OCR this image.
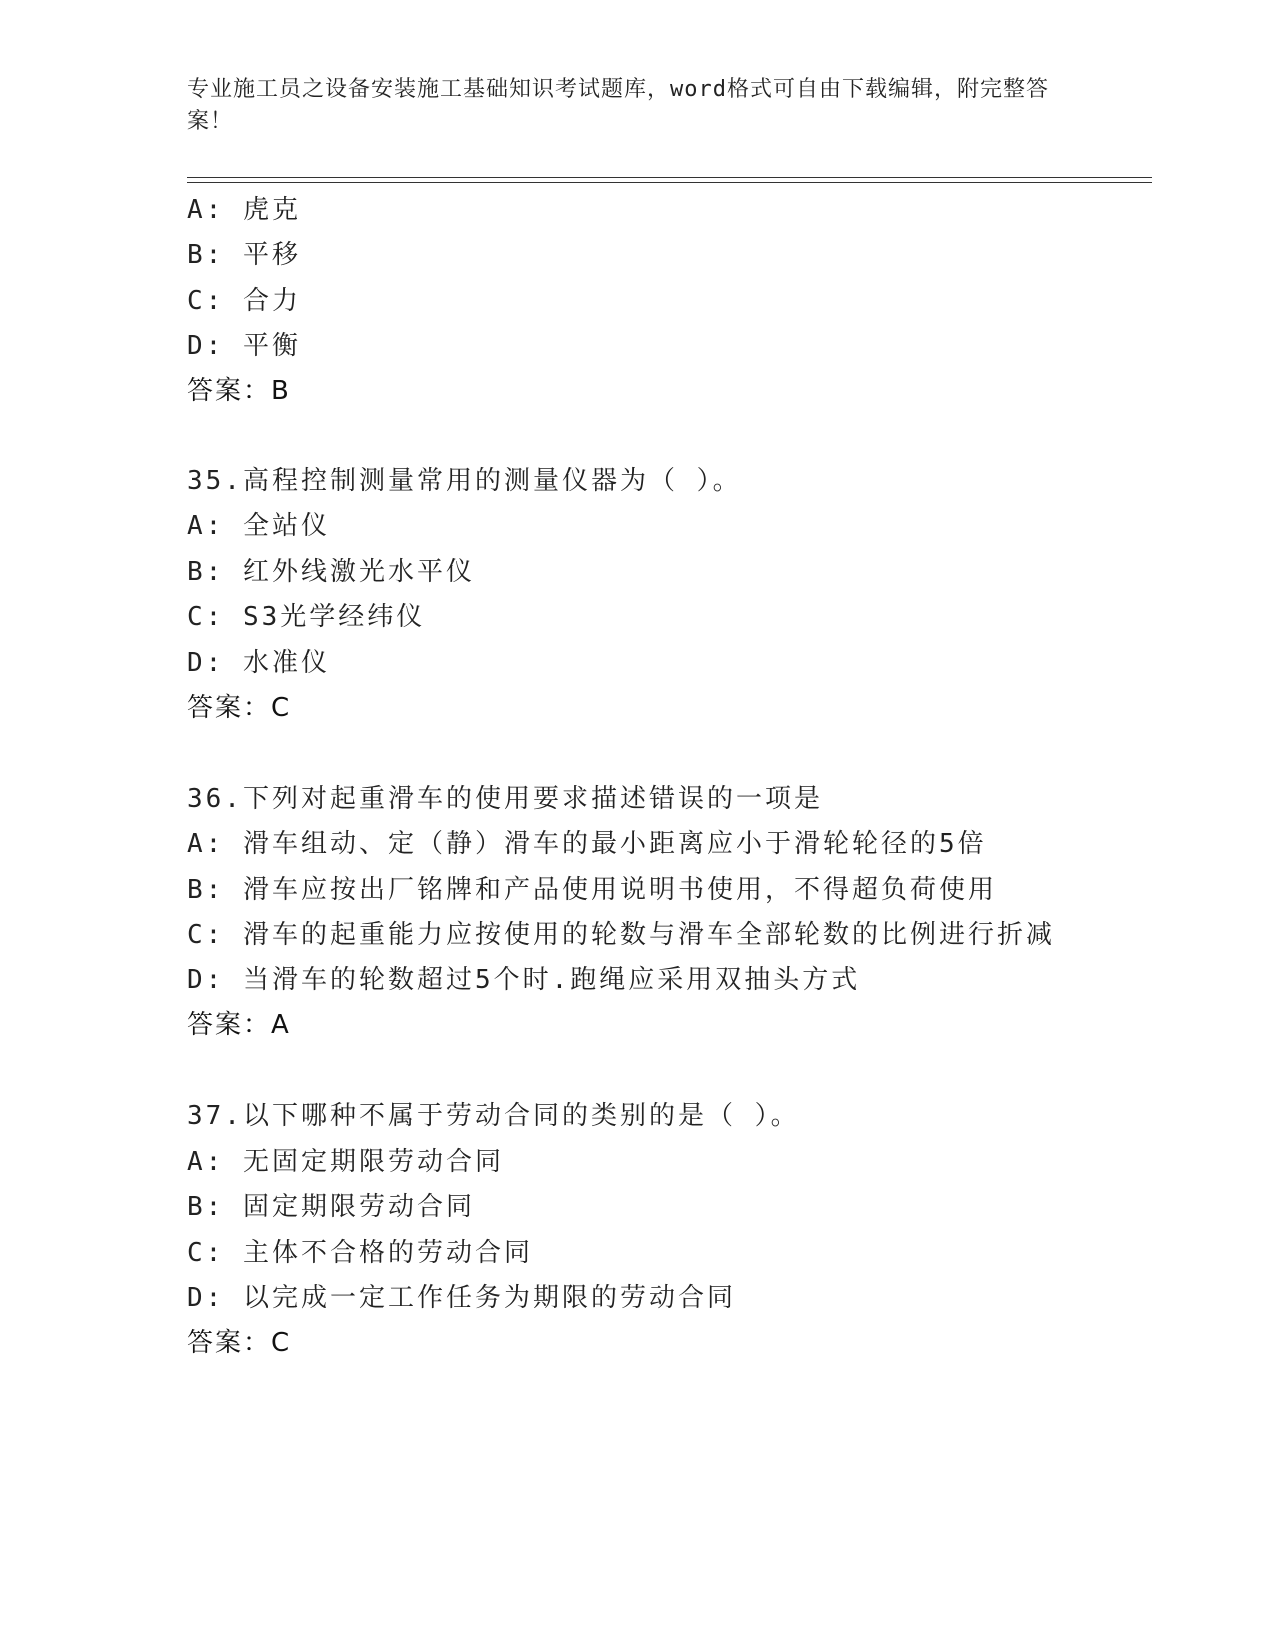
专业施工员之设备安装施工基础知识考试题库，word格式可自由下载编辑，附完整答案！
A: 虎克
B: 平移
C: 合力
D: 平衡
答案：B
35.高程控制测量常用的测量仪器为（ ）。
A: 全站仪
B: 红外线激光水平仪
C: S3光学经纬仪
D: 水准仪
答案：C
36.下列对起重滑车的使用要求描述错误的一项是
A: 滑车组动、定（静）滑车的最小距离应小于滑轮轮径的5倍
B: 滑车应按出厂铭牌和产品使用说明书使用，不得超负荷使用
C: 滑车的起重能力应按使用的轮数与滑车全部轮数的比例进行折减
D: 当滑车的轮数超过5个时.跑绳应采用双抽头方式
答案：A
37.以下哪种不属于劳动合同的类别的是（ ）。
A: 无固定期限劳动合同
B: 固定期限劳动合同
C: 主体不合格的劳动合同
D: 以完成一定工作任务为期限的劳动合同
答案：C
